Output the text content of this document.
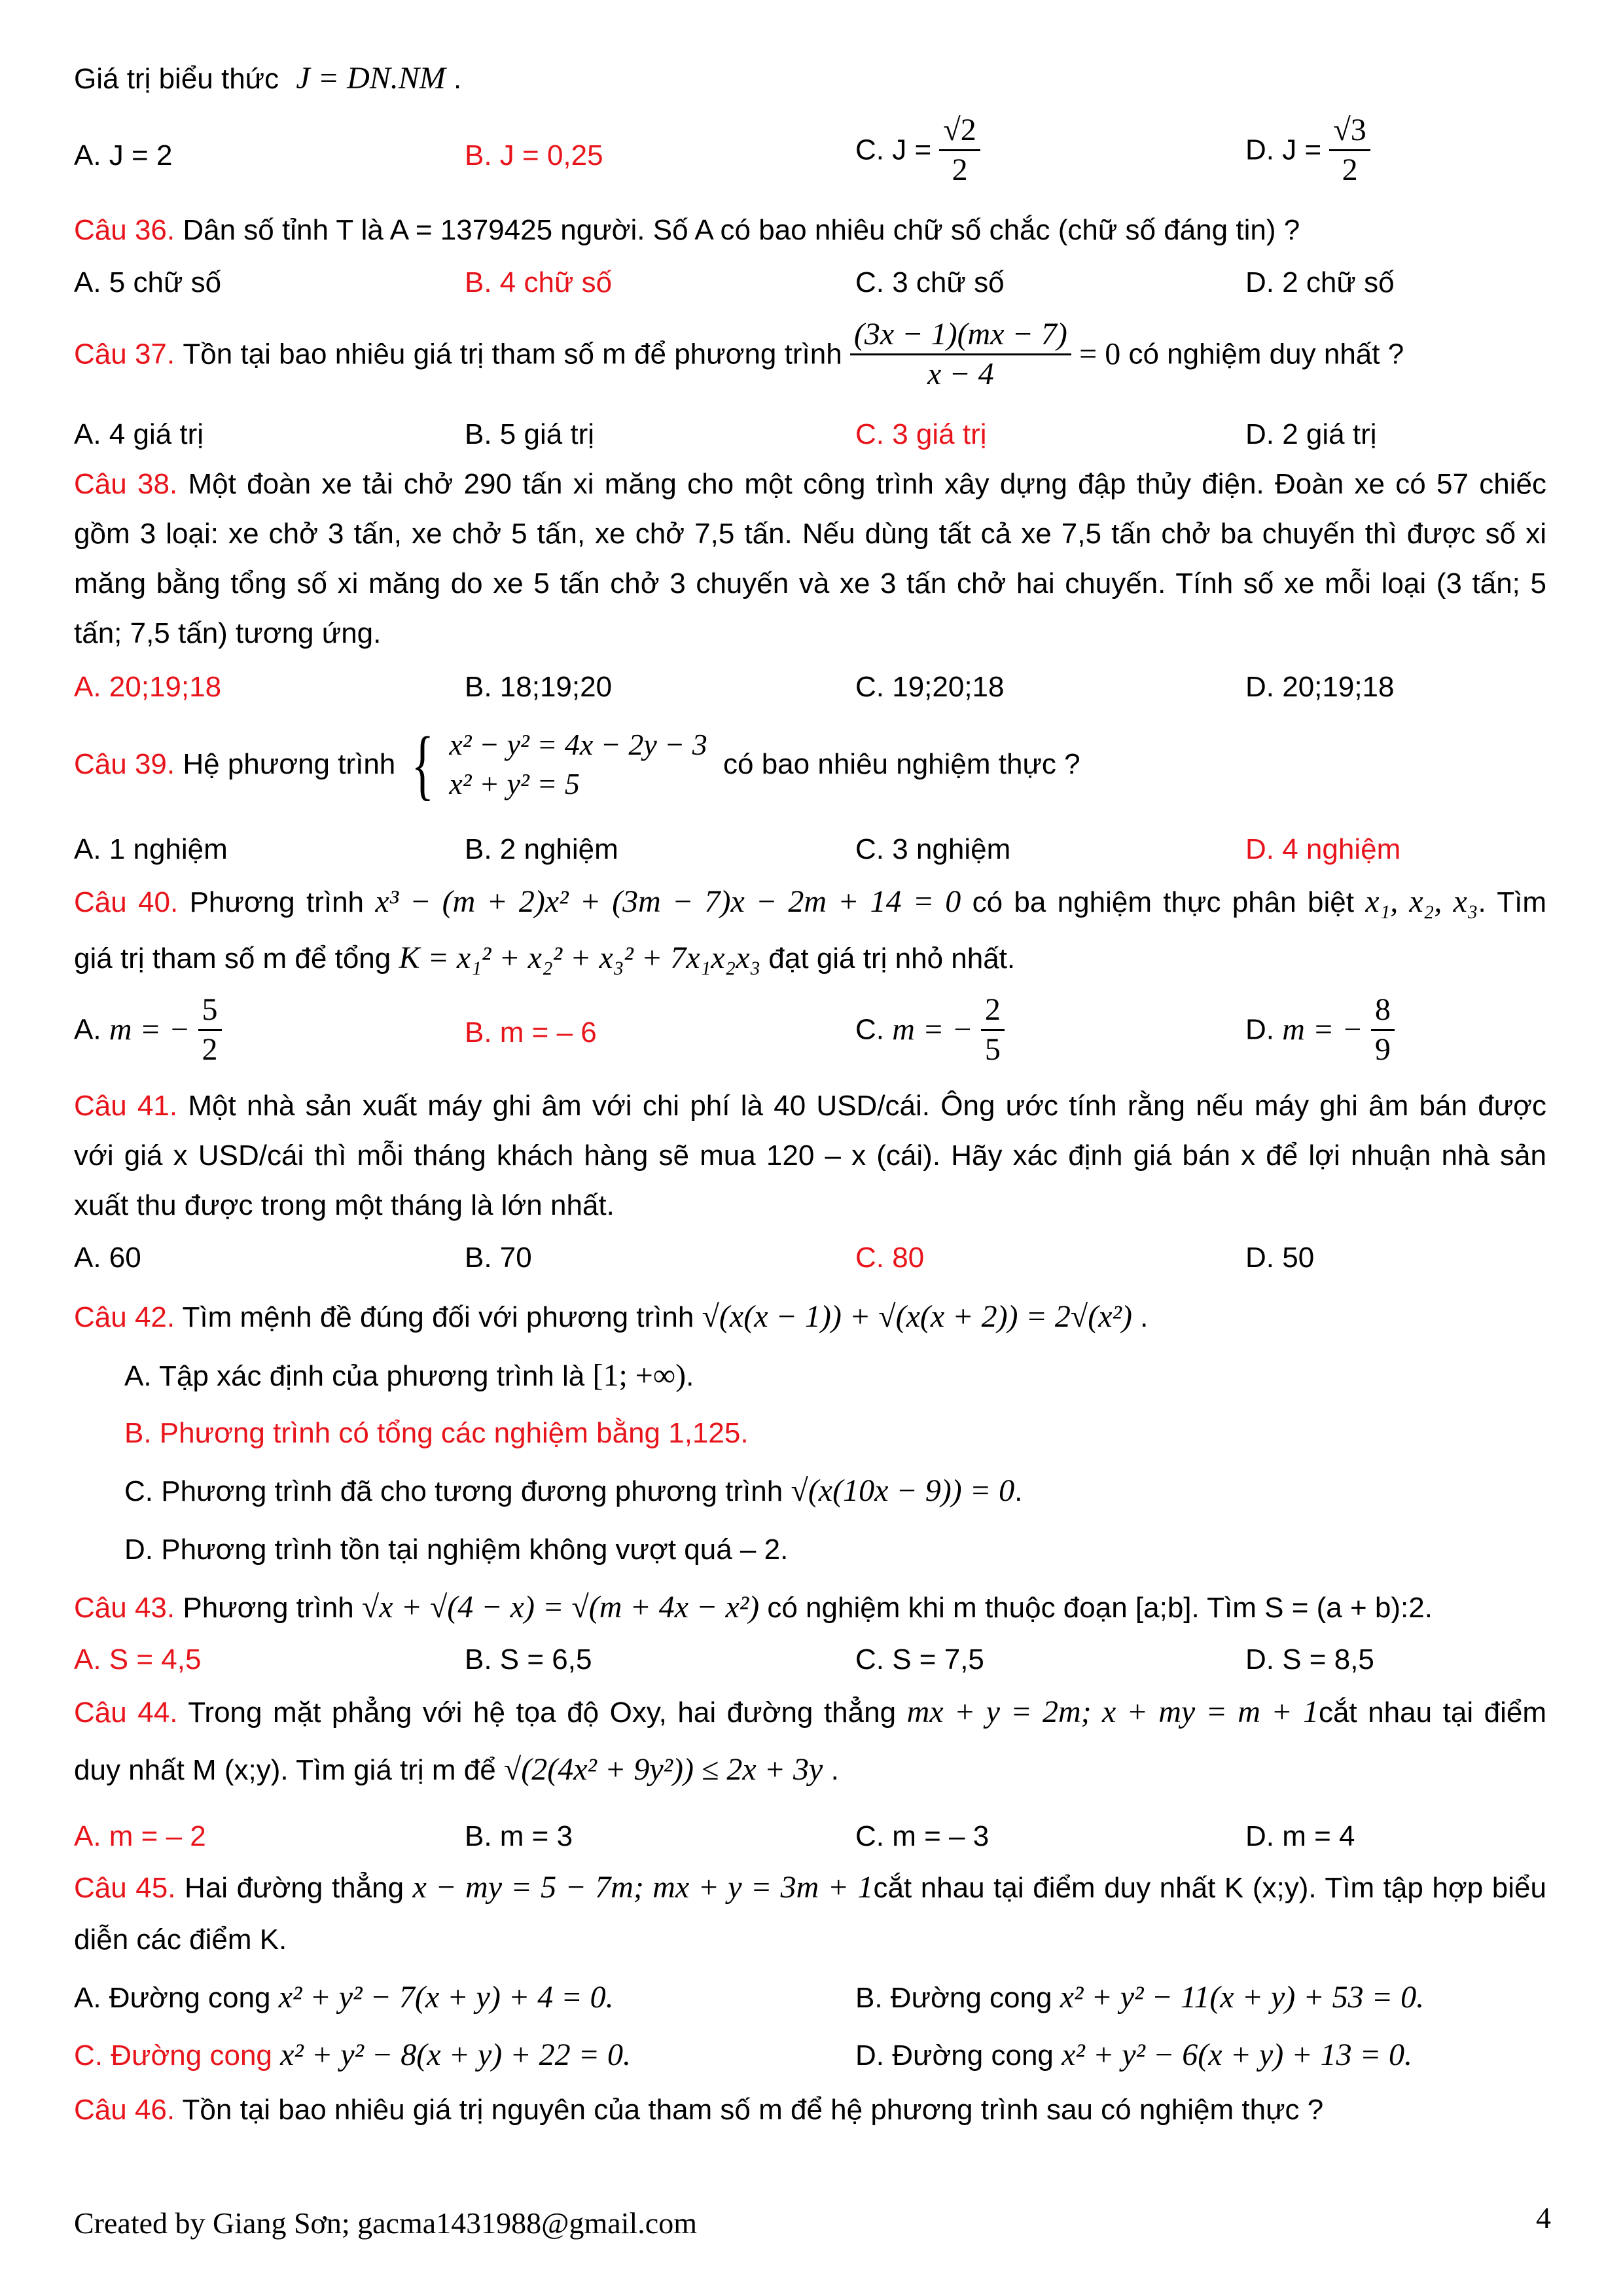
Giá trị biểu thức J = DN.NM .
A. J = 2	B. J = 0,25	C. $J = \frac{√2}{2}$	D. $J = \frac{√3}{2}$
Câu 36. Dân số tỉnh T là A = 1379425 người. Số A có bao nhiêu chữ số chắc (chữ số đáng tin) ?
A. 5 chữ số	B. 4 chữ số	C. 3 chữ số	D. 2 chữ số
Câu 37. Tồn tại bao nhiêu giá trị tham số m để phương trình $\frac{(3x - 1)(mx - 7)}{x - 4} = 0$ có nghiệm duy nhất ?
A. 4 giá trị	B. 5 giá trị	C. 3 giá trị	D. 2 giá trị
Câu 38. Một đoàn xe tải chở 290 tấn xi măng cho một công trình xây dựng đập thủy điện. Đoàn xe có 57 chiếc
gồm 3 loại: xe chở 3 tấn, xe chở 5 tấn, xe chở 7,5 tấn. Nếu dùng tất cả xe 7,5 tấn chở ba chuyến thì được số xi
măng bằng tổng số xi măng do xe 5 tấn chở 3 chuyến và xe 3 tấn chở hai chuyến. Tính số xe mỗi loại (3 tấn; 5
tấn; 7,5 tấn) tương ứng.
A. 20;19;18	B. 18;19;20	C. 19;20;18	D. 20;19;18
Câu 39. Hệ phương trình { x² − y² = 4x − 2y − 3
x² + y² = 5
có bao nhiêu nghiệm thực ?
A. 1 nghiệm	B. 2 nghiệm	C. 3 nghiệm	D. 4 nghiệm
Câu 40. Phương trình x³ − (m + 2)x² + (3m − 7)x − 2m + 14 = 0 có ba nghiệm thực phân biệt x₁, x₂, x₃. Tìm
giá trị tham số m để tổng K = x₁² + x₂² + x₃² + 7x₁x₂x₃ đạt giá trị nhỏ nhất.
A. m = − $\frac{5}{2}$	B. m = – 6	C. m = − $\frac{2}{5}$	D. m = − $\frac{8}{9}$
Câu 41. Một nhà sản xuất máy ghi âm với chi phí là 40 USD/cái. Ông ước tính rằng nếu máy ghi âm bán được
với giá x USD/cái thì mỗi tháng khách hàng sẽ mua 120 – x (cái). Hãy xác định giá bán x để lợi nhuận nhà sản
xuất thu được trong một tháng là lớn nhất.
A. 60	B. 70	C. 80	D. 50
Câu 42. Tìm mệnh đề đúng đối với phương trình √(x(x − 1)) + √(x(x + 2)) = 2√(x²) .
A. Tập xác định của phương trình là [1; +∞).
B. Phương trình có tổng các nghiệm bằng 1,125.
C. Phương trình đã cho tương đương phương trình √(x(10x − 9)) = 0.
D. Phương trình tồn tại nghiệm không vượt quá – 2.
Câu 43. Phương trình √x + √(4 − x) = √(m + 4x − x²) có nghiệm khi m thuộc đoạn [a;b]. Tìm S = (a + b):2.
A. S = 4,5	B. S = 6,5	C. S = 7,5	D. S = 8,5
Câu 44. Trong mặt phẳng với hệ tọa độ Oxy, hai đường thẳng mx + y = 2m; x + my = m + 1cắt nhau tại điểm
duy nhất M (x;y). Tìm giá trị m để √(2(4x² + 9y²)) ≤ 2x + 3y .
A. m = – 2	B. m = 3	C. m = – 3	D. m = 4
Câu 45. Hai đường thẳng x − my = 5 − 7m; mx + y = 3m + 1cắt nhau tại điểm duy nhất K (x;y). Tìm tập hợp biểu
diễn các điểm K.
A. Đường cong x² + y² − 7(x + y) + 4 = 0.	B. Đường cong x² + y² − 11(x + y) + 53 = 0.
C. Đường cong x² + y² − 8(x + y) + 22 = 0.	D. Đường cong x² + y² − 6(x + y) + 13 = 0.
Câu 46. Tồn tại bao nhiêu giá trị nguyên của tham số m để hệ phương trình sau có nghiệm thực ?
Created by Giang Sơn; gacma1431988@gmail.com	4
